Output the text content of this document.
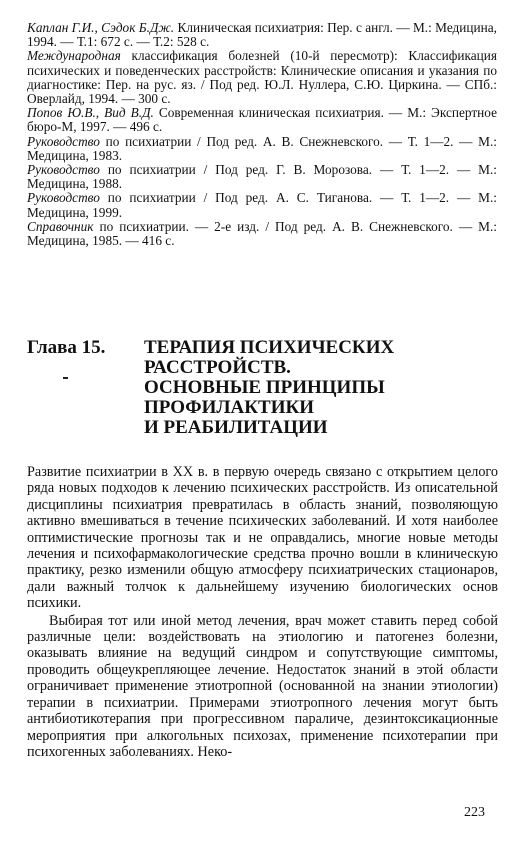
Каплан Г.И., Сэдок Б.Дж. Клиническая психиатрия: Пер. с англ. — М.: Медицина, 1994. — Т.1: 672 с. — Т.2: 528 с.

Международная классификация болезней (10-й пересмотр): Классификация психических и поведенческих расстройств: Клинические описания и указания по диагностике: Пер. на рус. яз. / Под ред. Ю.Л. Нуллера, С.Ю. Циркина. — СПб.: Оверлайд, 1994. — 300 с.

Попов Ю.В., Вид В.Д. Современная клиническая психиатрия. — М.: Экспертное бюро-М, 1997. — 496 с.

Руководство по психиатрии / Под ред. А. В. Снежневского. — Т. 1—2. — М.: Медицина, 1983.

Руководство по психиатрии / Под ред. Г. В. Морозова. — Т. 1—2. — М.: Медицина, 1988.

Руководство по психиатрии / Под ред. А. С. Тиганова. — Т. 1—2. — М.: Медицина, 1999.

Справочник по психиатрии. — 2-е изд. / Под ред. А. В. Снежневского. — М.: Медицина, 1985. — 416 с.

Глава 15. ТЕРАПИЯ ПСИХИЧЕСКИХ
РАССТРОЙСТВ.
ОСНОВНЫЕ ПРИНЦИПЫ
ПРОФИЛАКТИКИ
И РЕАБИЛИТАЦИИ

Развитие психиатрии в XX в. в первую очередь связано с открытием целого ряда новых подходов к лечению психических расстройств. Из описательной дисциплины психиатрия превратилась в область знаний, позволяющую активно вмешиваться в течение психических заболеваний. И хотя наиболее оптимистические прогнозы так и не оправдались, многие новые методы лечения и психофармакологические средства прочно вошли в клиническую практику, резко изменили общую атмосферу психиатрических стационаров, дали важный толчок к дальнейшему изучению биологических основ психики.

Выбирая тот или иной метод лечения, врач может ставить перед собой различные цели: воздействовать на этиологию и патогенез болезни, оказывать влияние на ведущий синдром и сопутствующие симптомы, проводить общеукрепляющее лечение. Недостаток знаний в этой области ограничивает применение этиотропной (основанной на знании этиологии) терапии в психиатрии. Примерами этиотропного лечения могут быть антибиотикотерапия при прогрессивном параличе, дезинтоксикационные мероприятия при алкогольных психозах, применение психотерапии при психогенных заболеваниях. Неко-

223
